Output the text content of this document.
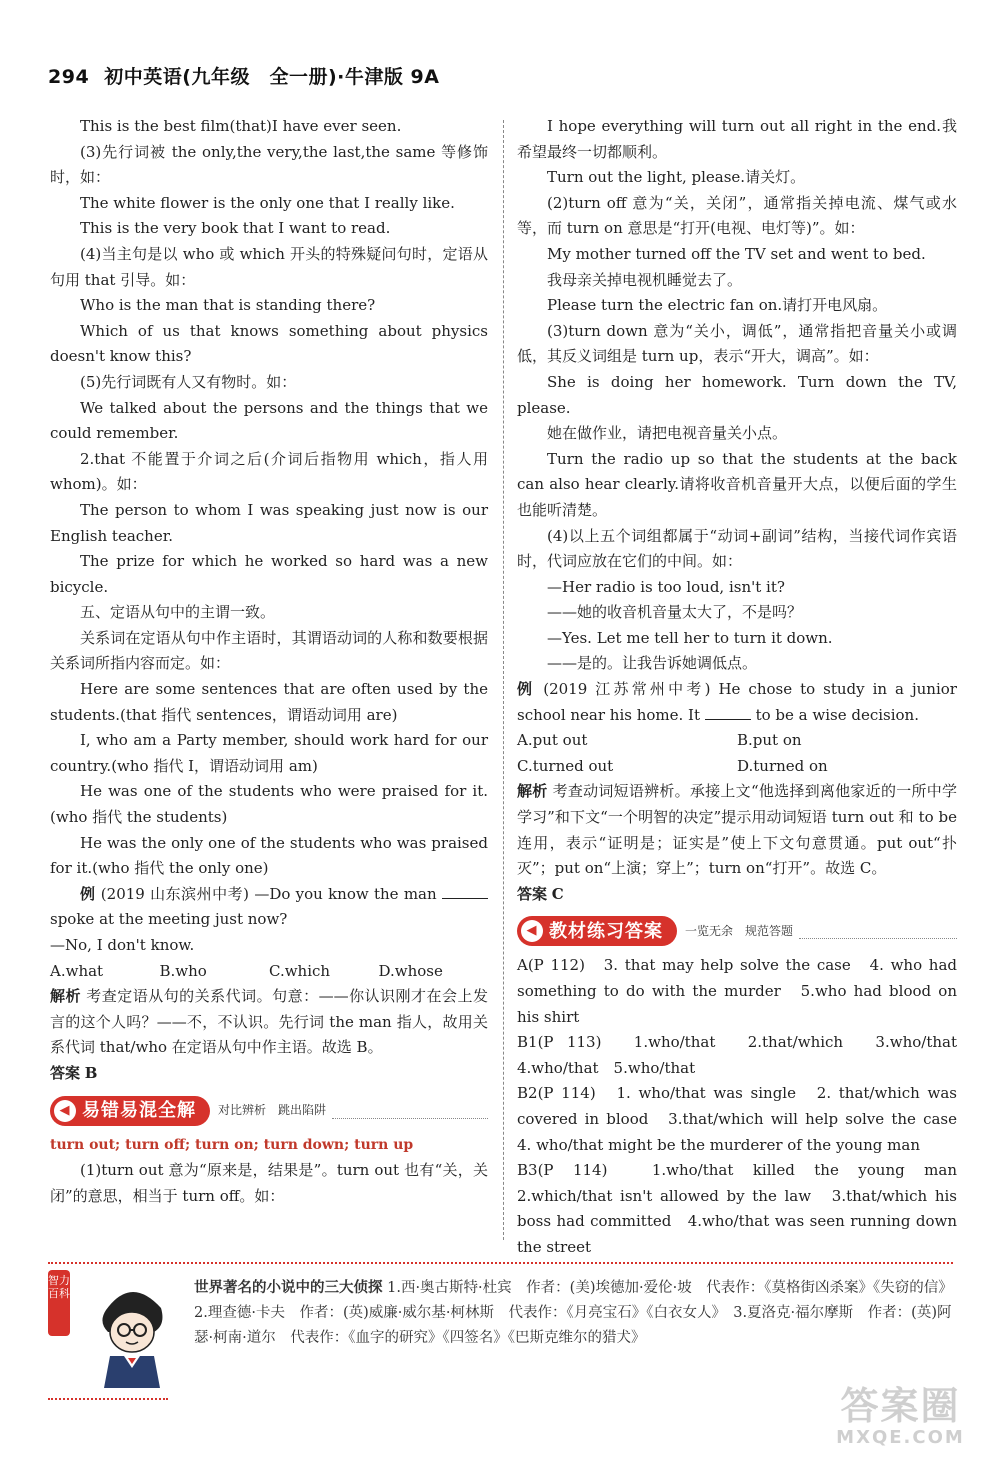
294 初中英语(九年级　全一册)·牛津版 9A

This is the best film(that)I have ever seen.

(3)先行词被 the only,the very,the last,the same 等修饰时，如：

The white flower is the only one that I really like.

This is the very book that I want to read.

(4)当主句是以 who 或 which 开头的特殊疑问句时，定语从句用 that 引导。如：

Who is the man that is standing there?

Which of us that knows something about physics doesn't know this?

(5)先行词既有人又有物时。如：

We talked about the persons and the things that we could remember.

2.that 不能置于介词之后(介词后指物用 which，指人用 whom)。如：

The person to whom I was speaking just now is our English teacher.

The prize for which he worked so hard was a new bicycle.

五、定语从句中的主谓一致。

关系词在定语从句中作主语时，其谓语动词的人称和数要根据关系词所指内容而定。如：

Here are some sentences that are often used by the students.(that 指代 sentences，谓语动词用 are)

I, who am a Party member, should work hard for our country.(who 指代 I，谓语动词用 am)

He was one of the students who were praised for it.(who 指代 the students)

He was the only one of the students who was praised for it.(who 指代 the only one)

例 (2019 山东滨州中考) —Do you know the man  spoke at the meeting just now?

—No, I don't know.

A.what	B.who	C.which	D.whose

解析 考查定语从句的关系代词。句意：——你认识刚才在会上发言的这个人吗？——不，不认识。先行词 the man 指人，故用关系代词 that/who 在定语从句中作主语。故选 B。

答案 B

◀ 易错易混全解 对比辨析　跳出陷阱

turn out; turn off; turn on; turn down; turn up

(1)turn out 意为“原来是，结果是”。turn out 也有“关，关闭”的意思，相当于 turn off。如：

I hope everything will turn out all right in the end.我希望最终一切都顺利。

Turn out the light, please.请关灯。

(2)turn off 意为“关，关闭”，通常指关掉电流、煤气或水等，而 turn on 意思是“打开(电视、电灯等)”。如：

My mother turned off the TV set and went to bed.

我母亲关掉电视机睡觉去了。

Please turn the electric fan on.请打开电风扇。

(3)turn down 意为“关小，调低”，通常指把音量关小或调低，其反义词组是 turn up，表示“开大，调高”。如：

She is doing her homework. Turn down the TV, please.

她在做作业，请把电视音量关小点。

Turn the radio up so that the students at the back can also hear clearly.请将收音机音量开大点，以便后面的学生也能听清楚。

(4)以上五个词组都属于“动词+副词”结构，当接代词作宾语时，代词应放在它们的中间。如：

—Her radio is too loud, isn't it?

——她的收音机音量太大了，不是吗？

—Yes. Let me tell her to turn it down.

——是的。让我告诉她调低点。

例 (2019 江苏常州中考) He chose to study in a junior school near his home. It	to be a wise decision.

A.put out	B.put on
C.turned out	D.turned on

解析 考查动词短语辨析。承接上文“他选择到离他家近的一所中学学习”和下文“一个明智的决定”提示用动词短语 turn out 和 to be 连用，表示“证明是；证实是”使上下文句意贯通。put out“扑灭”；put on“上演；穿上”；turn on“打开”。故选 C。

答案 C

◀ 教材练习答案 一览无余　规范答题

A(P 112)　3. that may help solve the case　4. who had something to do with the murder　5.who had blood on his shirt

B1(P 113)　1.who/that　2.that/which　3.who/that　4.who/that　5.who/that

B2(P 114)　1. who/that was single　2. that/which was covered in blood　3.that/which will help solve the case　4. who/that might be the murderer of the young man

B3(P 114)　1.who/that killed the young man　2.which/that isn't allowed by the law　3.that/which his boss had committed　4.who/that was seen running down the street

智力百科	世界著名的小说中的三大侦探 1.西·奥古斯特·杜宾　作者：(美)埃德加·爱伦·坡　代表作：《莫格街凶杀案》《失窃的信》　2.理查德·卡夫　作者：(英)威廉·威尔基·柯林斯　代表作：《月亮宝石》《白衣女人》　3.夏洛克·福尔摩斯　作者：(英)阿瑟·柯南·道尔　代表作：《血字的研究》《四签名》《巴斯克维尔的猎犬》
答案圈
MXQE.COM
